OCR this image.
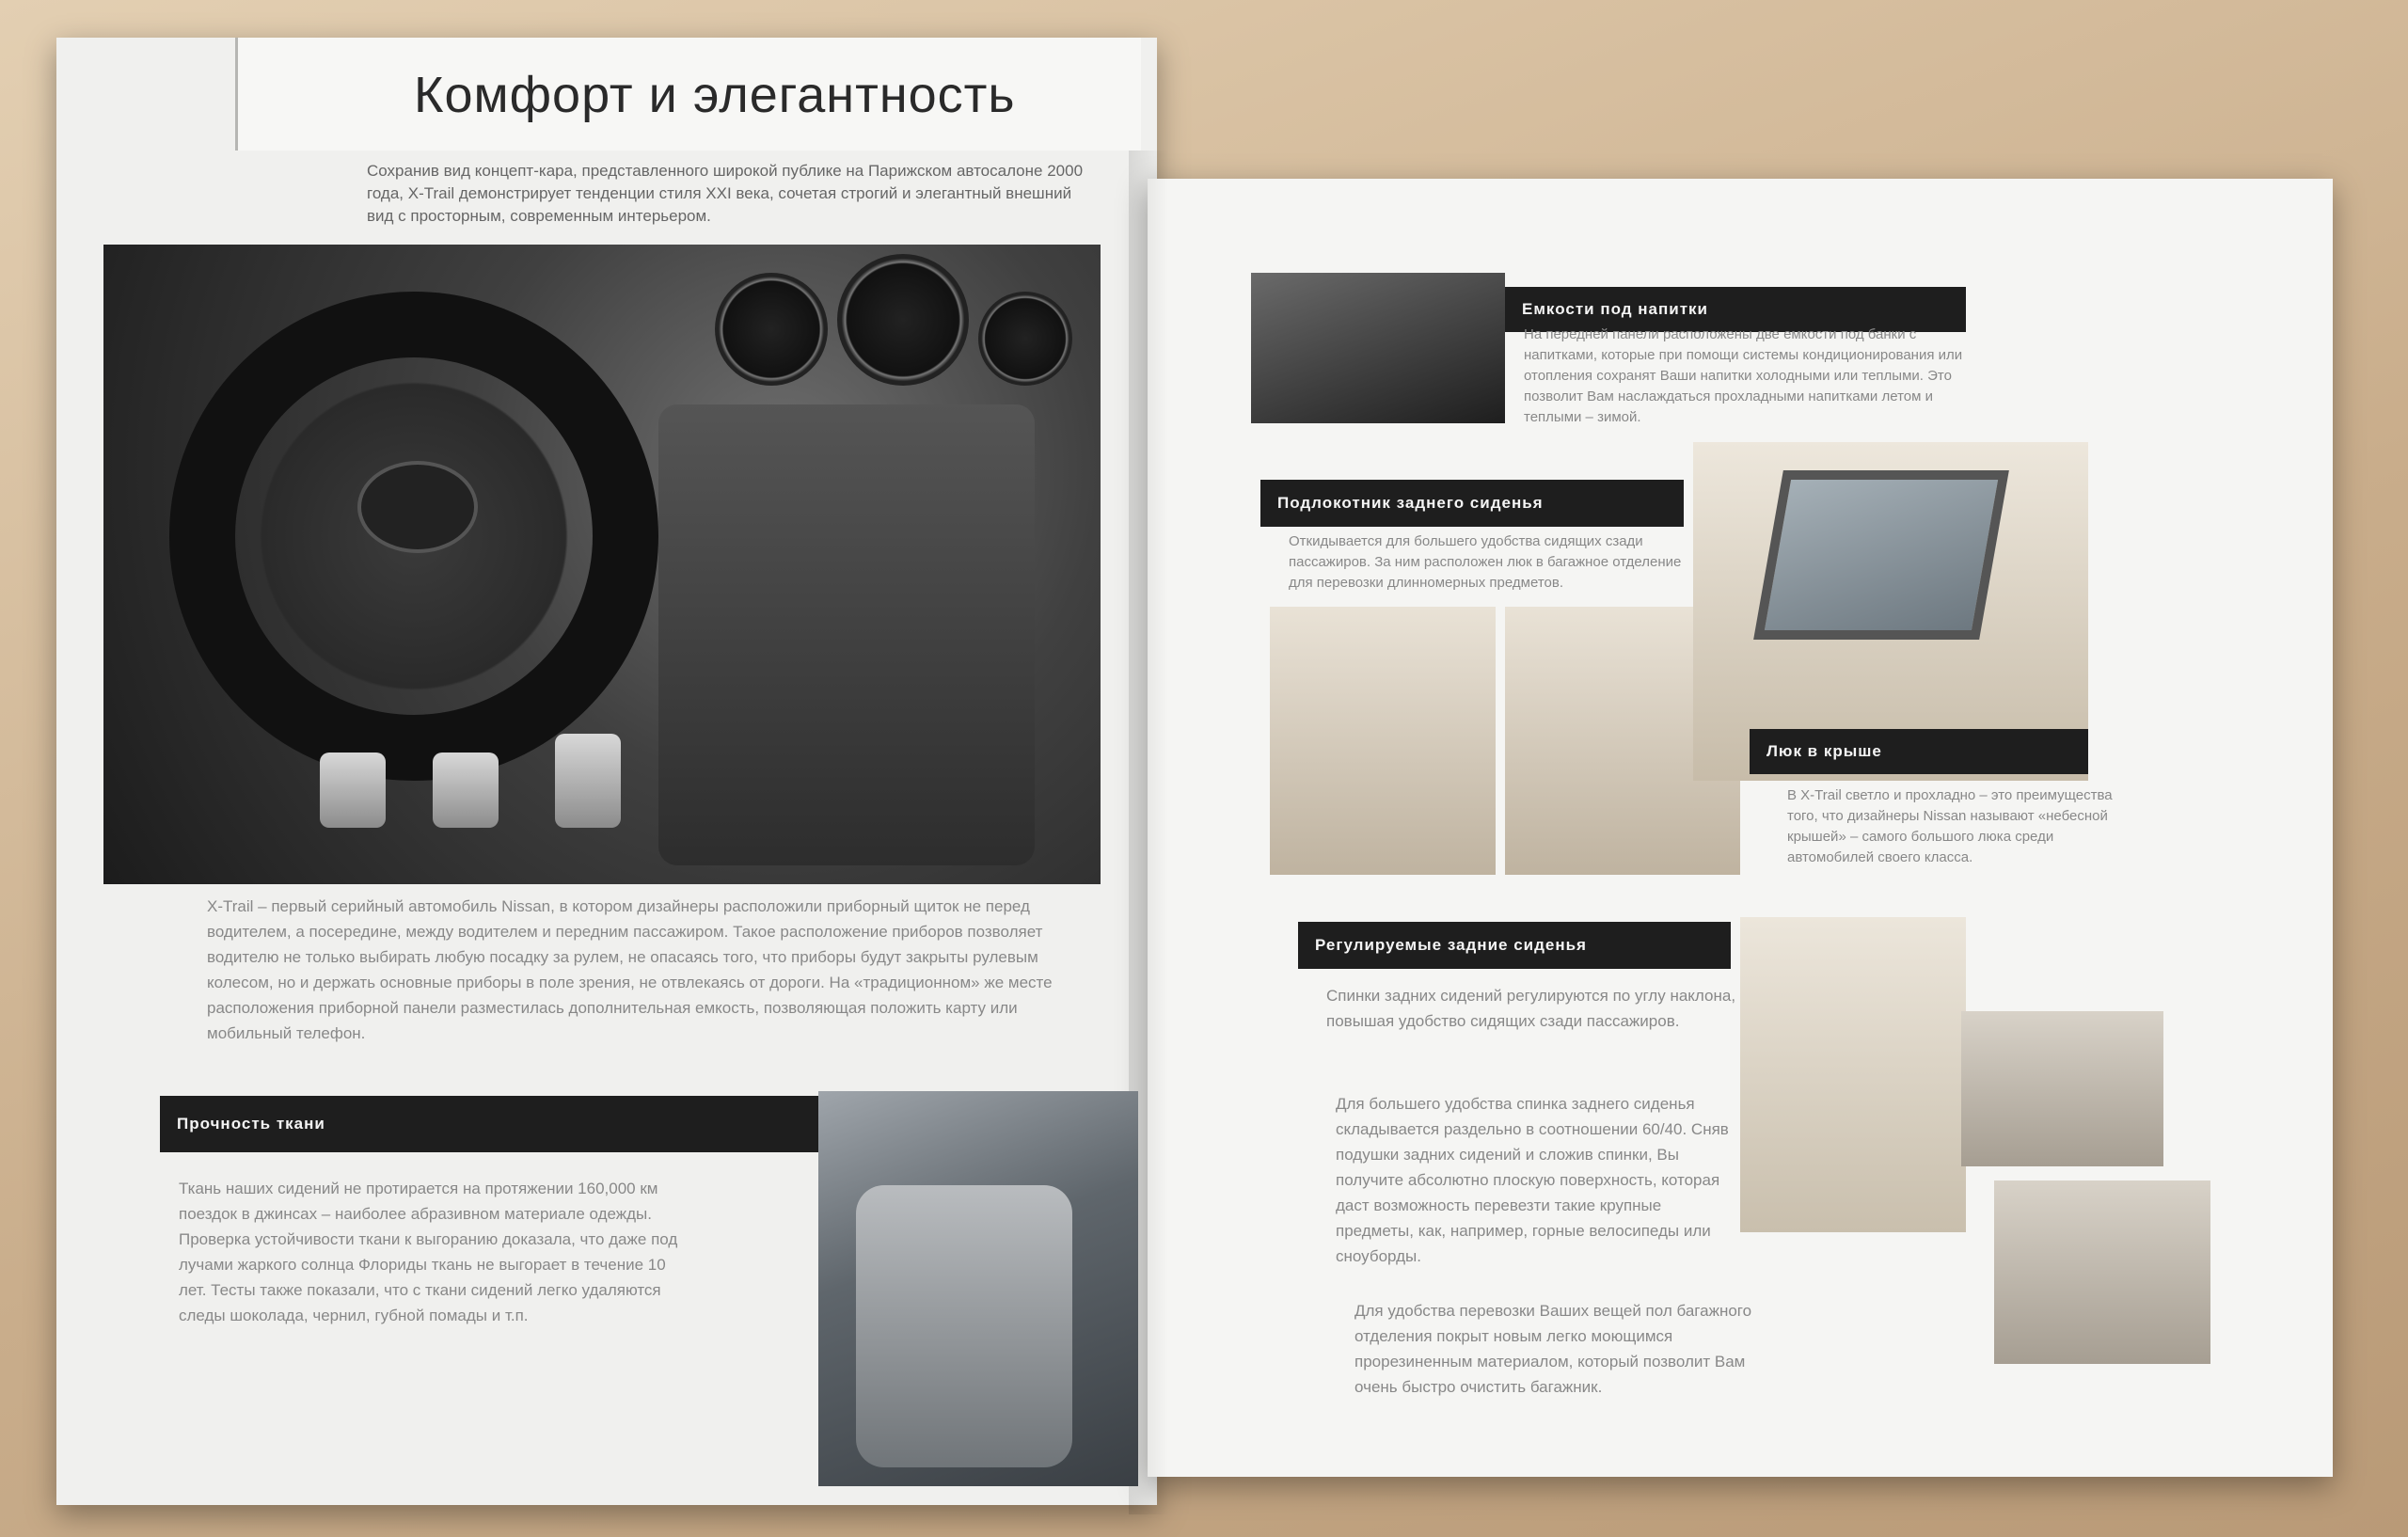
Комфорт и элегантность
Сохранив вид концепт-кара, представленного широкой публике на Парижском автосалоне 2000 года, X-Trail демонстрирует тенденции стиля XXI века, сочетая строгий и элегантный внешний вид с просторным, современным интерьером.
X-Trail – первый серийный автомобиль Nissan, в котором дизайнеры расположили приборный щиток не перед водителем, а посередине, между водителем и передним пассажиром. Такое расположение приборов позволяет водителю не только выбирать любую посадку за рулем, не опасаясь того, что приборы будут закрыты рулевым колесом, но и держать основные приборы в поле зрения, не отвлекаясь от дороги. На «традиционном» же месте расположения приборной панели разместилась дополнительная емкость, позволяющая положить карту или мобильный телефон.
Прочность ткани
Ткань наших сидений не протирается на протяжении 160,000 км поездок в джинсах – наиболее абразивном материале одежды. Проверка устойчивости ткани к выгоранию доказала, что даже под лучами жаркого солнца Флориды ткань не выгорает в течение 10 лет. Тесты также показали, что с ткани сидений легко удаляются следы шоколада, чернил, губной помады и т.п.
Емкости под напитки
На передней панели расположены две емкости под банки с напитками, которые при помощи системы кондиционирования или отопления сохранят Ваши напитки холодными или теплыми. Это позволит Вам наслаждаться прохладными напитками летом и теплыми – зимой.
Подлокотник заднего сиденья
Откидывается для большего удобства сидящих сзади пассажиров. За ним расположен люк в багажное отделение для перевозки длинномерных предметов.
Люк в крыше
В X-Trail светло и прохладно – это преимущества того, что дизайнеры Nissan называют «небесной крышей» – самого большого люка среди автомобилей своего класса.
Регулируемые задние сиденья
Спинки задних сидений регулируются по углу наклона, повышая удобство сидящих сзади пассажиров.
Для большего удобства спинка заднего сиденья складывается раздельно в соотношении 60/40. Сняв подушки задних сидений и сложив спинки, Вы получите абсолютно плоскую поверхность, которая даст возможность перевезти такие крупные предметы, как, например, горные велосипеды или сноуборды.
Для удобства перевозки Ваших вещей пол багажного отделения покрыт новым легко моющимся прорезиненным материалом, который позволит Вам очень быстро очистить багажник.
